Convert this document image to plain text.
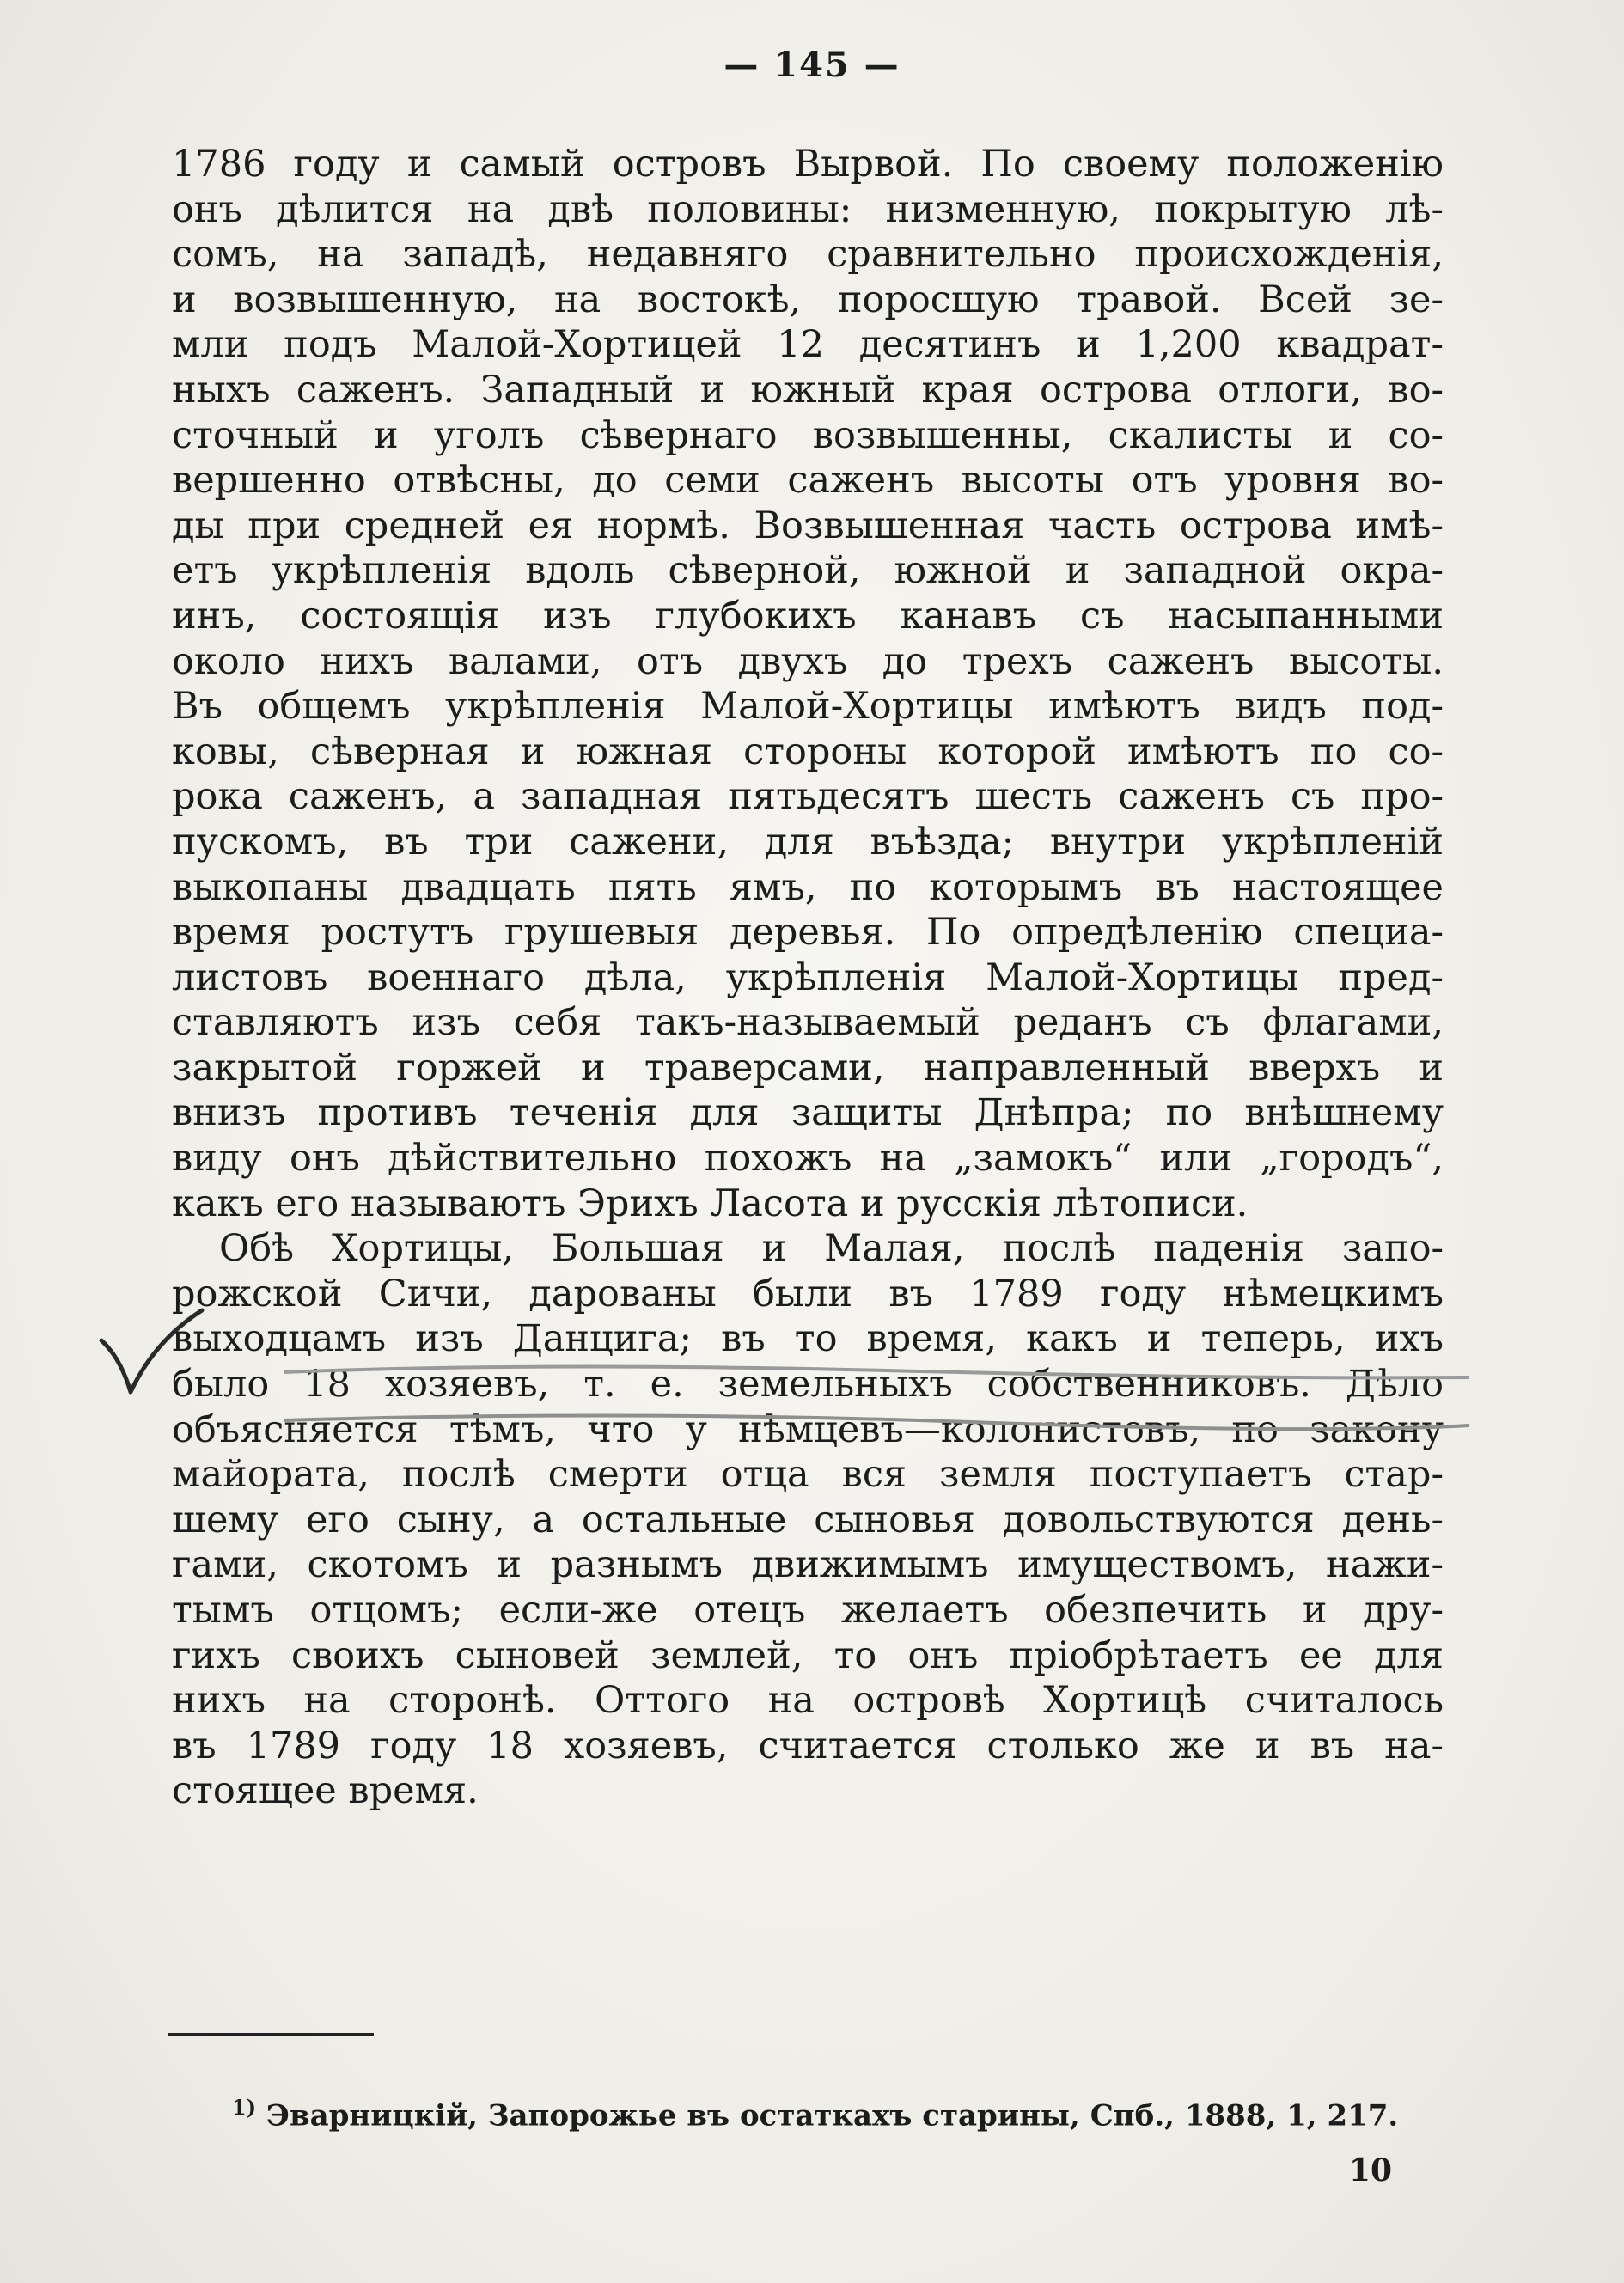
— 145 —
1786 году и самый островъ Вырвой. По своему положенію
онъ дѣлится на двѣ половины: низменную, покрытую лѣ-
сомъ, на западѣ, недавняго сравнительно происхожденія,
и возвышенную, на востокѣ, поросшую травой. Всей зе-
мли подъ Малой-Хортицей 12 десятинъ и 1,200 квадрат-
ныхъ саженъ. Западный и южный края острова отлоги, во-
сточный и уголъ сѣвернаго возвышенны, скалисты и со-
вершенно отвѣсны, до семи саженъ высоты отъ уровня во-
ды при средней ея нормѣ. Возвышенная часть острова имѣ-
етъ укрѣпленія вдоль сѣверной, южной и западной окра-
инъ, состоящія изъ глубокихъ канавъ съ насыпанными
около нихъ валами, отъ двухъ до трехъ саженъ высоты.
Въ общемъ укрѣпленія Малой-Хортицы имѣютъ видъ под-
ковы, сѣверная и южная стороны которой имѣютъ по со-
рока саженъ, а западная пятьдесятъ шесть саженъ съ про-
пускомъ, въ три сажени, для въѣзда; внутри укрѣпленій
выкопаны двадцать пять ямъ, по которымъ въ настоящее
время ростутъ грушевыя деревья. По опредѣленію специа-
листовъ военнаго дѣла, укрѣпленія Малой-Хортицы пред-
ставляютъ изъ себя такъ-называемый реданъ съ флагами,
закрытой горжей и траверсами, направленный вверхъ и
внизъ противъ теченія для защиты Днѣпра; по внѣшнему
виду онъ дѣйствительно похожъ на „замокъ“ или „городъ“,
какъ его называютъ Эрихъ Ласота и русскія лѣтописи.
Обѣ Хортицы, Большая и Малая, послѣ паденія запо-
рожской Сичи, дарованы были въ 1789 году нѣмецкимъ
выходцамъ изъ Данцига; въ то время, какъ и теперь, ихъ
было 18 хозяевъ, т. е. земельныхъ собственниковъ. Дѣло
объясняется тѣмъ, что у нѣмцевъ—колонистовъ, по закону
майората, послѣ смерти отца вся земля поступаетъ стар-
шему его сыну, а остальные сыновья довольствуются день-
гами, скотомъ и разнымъ движимымъ имуществомъ, нажи-
тымъ отцомъ; если-же отецъ желаетъ обезпечить и дру-
гихъ своихъ сыновей землей, то онъ пріобрѣтаетъ ее для
нихъ на сторонѣ. Оттого на островѣ Хортицѣ считалось
въ 1789 году 18 хозяевъ, считается столько же и въ на-
стоящее время.
$^{1)}$ Эварницкій, Запорожье въ остаткахъ старины, Спб., 1888, 1, 217.
10
